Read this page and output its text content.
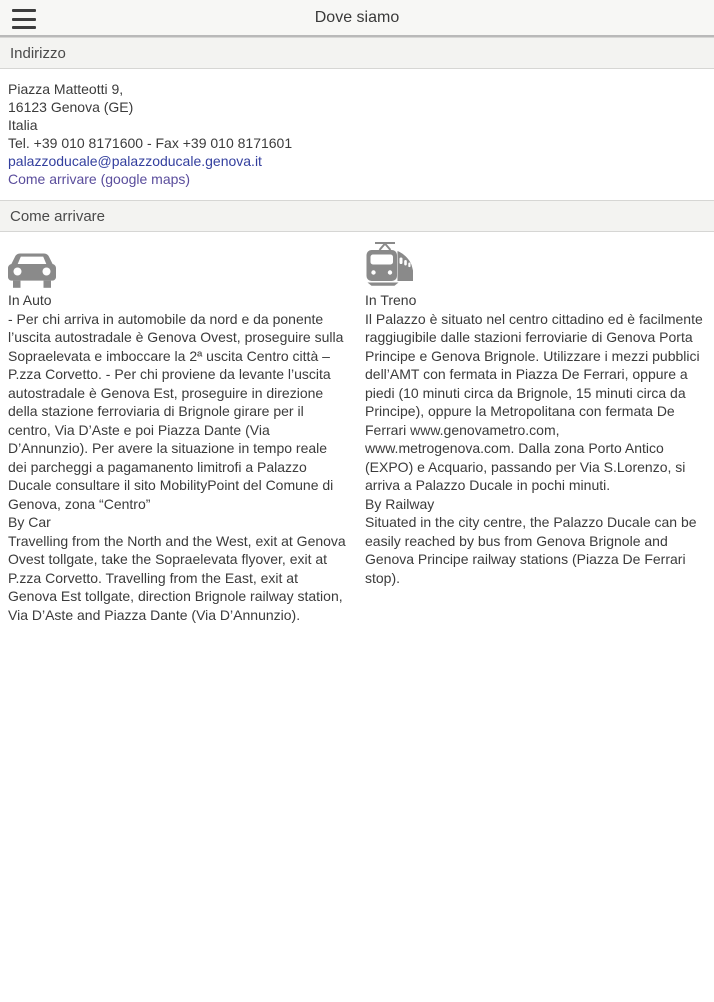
Dove siamo
Indirizzo
Piazza Matteotti 9,
16123 Genova (GE)
Italia
Tel. +39 010 8171600 - Fax +39 010 8171601
palazzoducale@palazzoducale.genova.it
Come arrivare (google maps)
Come arrivare
In Auto
- Per chi arriva in automobile da nord e da ponente l’uscita autostradale è Genova Ovest, proseguire sulla Sopraelevata e imboccare la 2ª uscita Centro città – P.zza Corvetto. - Per chi proviene da levante l’uscita autostradale è Genova Est, proseguire in direzione della stazione ferroviaria di Brignole girare per il centro, Via D’Aste e poi Piazza Dante (Via D’Annunzio). Per avere la situazione in tempo reale dei parcheggi a pagamanento limitrofi a Palazzo Ducale consultare il sito MobilityPoint del Comune di Genova, zona “Centro”
By Car
Travelling from the North and the West, exit at Genova Ovest tollgate, take the Sopraelevata flyover, exit at P.zza Corvetto. Travelling from the East, exit at Genova Est tollgate, direction Brignole railway station, Via D’Aste and Piazza Dante (Via D’Annunzio).
In Treno
Il Palazzo è situato nel centro cittadino ed è facilmente raggiugibile dalle stazioni ferroviarie di Genova Porta Principe e Genova Brignole. Utilizzare i mezzi pubblici dell’AMT con fermata in Piazza De Ferrari, oppure a piedi (10 minuti circa da Brignole, 15 minuti circa da Principe), oppure la Metropolitana con fermata De Ferrari www.genovametro.com, www.metrogenova.com. Dalla zona Porto Antico (EXPO) e Acquario, passando per Via S.Lorenzo, si arriva a Palazzo Ducale in pochi minuti.
By Railway
Situated in the city centre, the Palazzo Ducale can be easily reached by bus from Genova Brignole and Genova Principe railway stations (Piazza De Ferrari stop).
